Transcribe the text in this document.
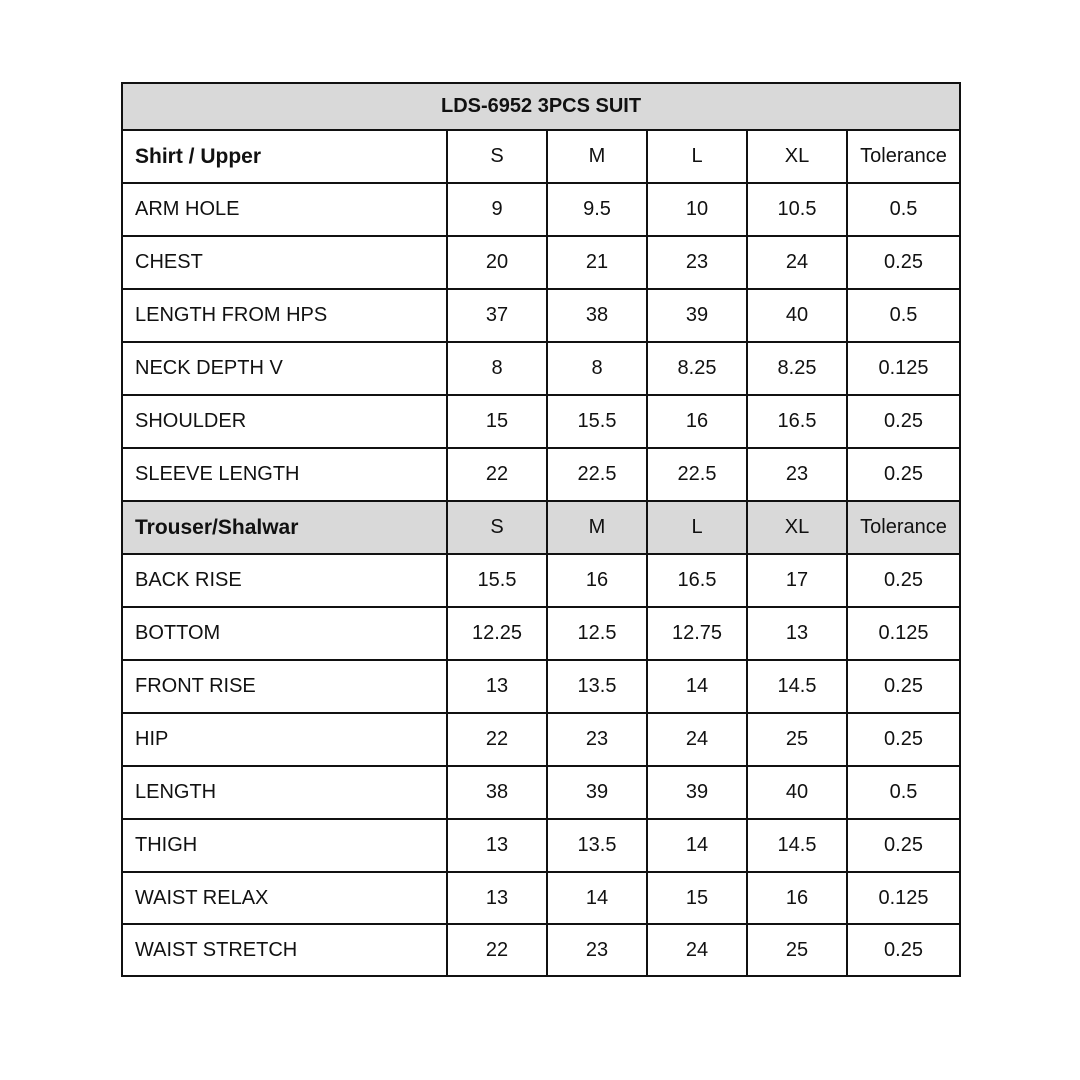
LDS-6952 3PCS SUIT					
Shirt / Upper	S	M	L	XL	Tolerance
ARM HOLE	9	9.5	10	10.5	0.5
CHEST	20	21	23	24	0.25
LENGTH FROM HPS	37	38	39	40	0.5
NECK DEPTH V	8	8	8.25	8.25	0.125
SHOULDER	15	15.5	16	16.5	0.25
SLEEVE LENGTH	22	22.5	22.5	23	0.25
Trouser/Shalwar	S	M	L	XL	Tolerance
BACK RISE	15.5	16	16.5	17	0.25
BOTTOM	12.25	12.5	12.75	13	0.125
FRONT RISE	13	13.5	14	14.5	0.25
HIP	22	23	24	25	0.25
LENGTH	38	39	39	40	0.5
THIGH	13	13.5	14	14.5	0.25
WAIST RELAX	13	14	15	16	0.125
WAIST STRETCH	22	23	24	25	0.25
